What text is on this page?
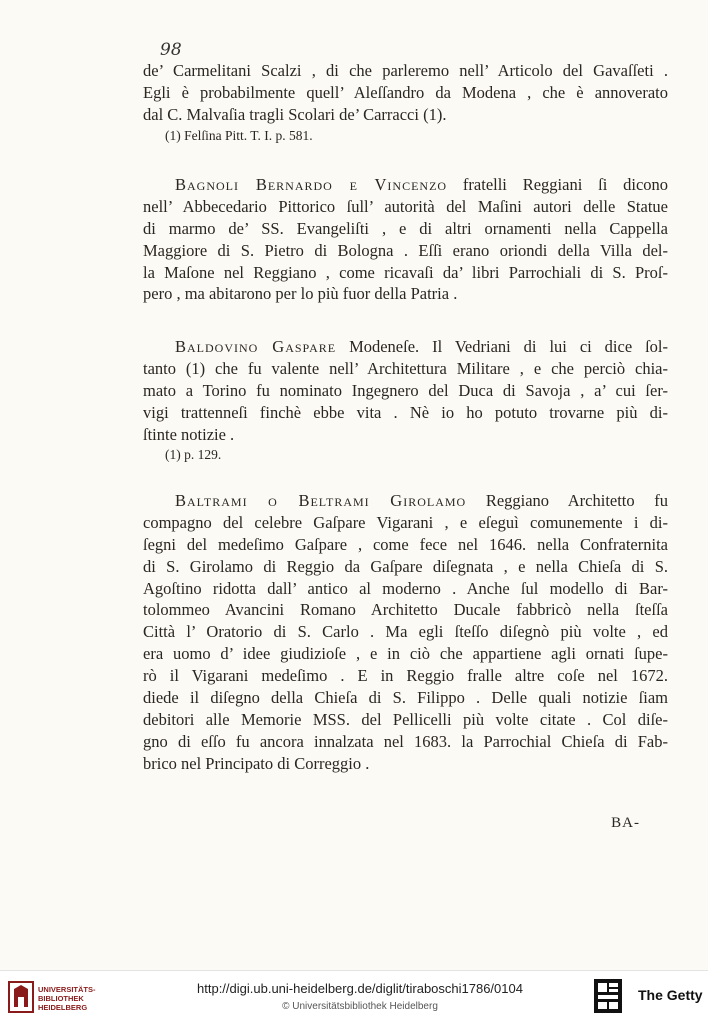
98
de’ Carmelitani Scalzi , di che parleremo nell’ Articolo del Gavaſſeti .
Egli è probabilmente quell’ Aleſſandro da Modena , che è annoverato
dal C. Malvaſia tragli Scolari de’ Carracci (1).
(1) Felſina Pitt. T. I. p. 581.
Bagnoli Bernardo e Vincenzo fratelli Reggiani ſi dicono
nell’ Abbecedario Pittorico ſull’ autorità del Maſini autori delle Statue
di marmo de’ SS. Evangeliſti , e di altri ornamenti nella Cappella
Maggiore di S. Pietro di Bologna . Eſſi erano oriondi della Villa del-
la Maſone nel Reggiano , come ricavaſi da’ libri Parrochiali di S. Proſ-
pero , ma abitarono per lo più fuor della Patria .
Baldovino Gaspare Modeneſe. Il Vedriani di lui ci dice ſol-
tanto (1) che fu valente nell’ Architettura Militare , e che perciò chia-
mato a Torino fu nominato Ingegnero del Duca di Savoja , a’ cui ſer-
vigi trattenneſi finchè ebbe vita . Nè io ho potuto trovarne più di-
ſtinte notizie .
(1) p. 129.
Baltrami o Beltrami Girolamo Reggiano Architetto fu
compagno del celebre Gaſpare Vigarani , e eſeguì comunemente i di-
ſegni del medeſimo Gaſpare , come fece nel 1646. nella Confraternita
di S. Girolamo di Reggio da Gaſpare diſegnata , e nella Chieſa di S.
Agoſtino ridotta dall’ antico al moderno . Anche ſul modello di Bar-
tolommeo Avancini Romano Architetto Ducale fabbricò nella ſteſſa
Città l’ Oratorio di S. Carlo . Ma egli ſteſſo diſegnò più volte , ed
era uomo d’ idee giudizioſe , e in ciò che appartiene agli ornati ſupe-
rò il Vigarani medeſimo . E in Reggio fralle altre coſe nel 1672.
diede il diſegno della Chieſa di S. Filippo . Delle quali notizie ſiam
debitori alle Memorie MSS. del Pellicelli più volte citate . Col diſe-
gno di eſſo fu ancora innalzata nel 1683. la Parrochial Chieſa di Fab-
brico nel Principato di Correggio .
BA-
UNIVERSITÄTS-
BIBLIOTHEK
HEIDELBERG
http://digi.ub.uni-heidelberg.de/diglit/tiraboschi1786/0104
© Universitätsbibliothek Heidelberg
The Getty
